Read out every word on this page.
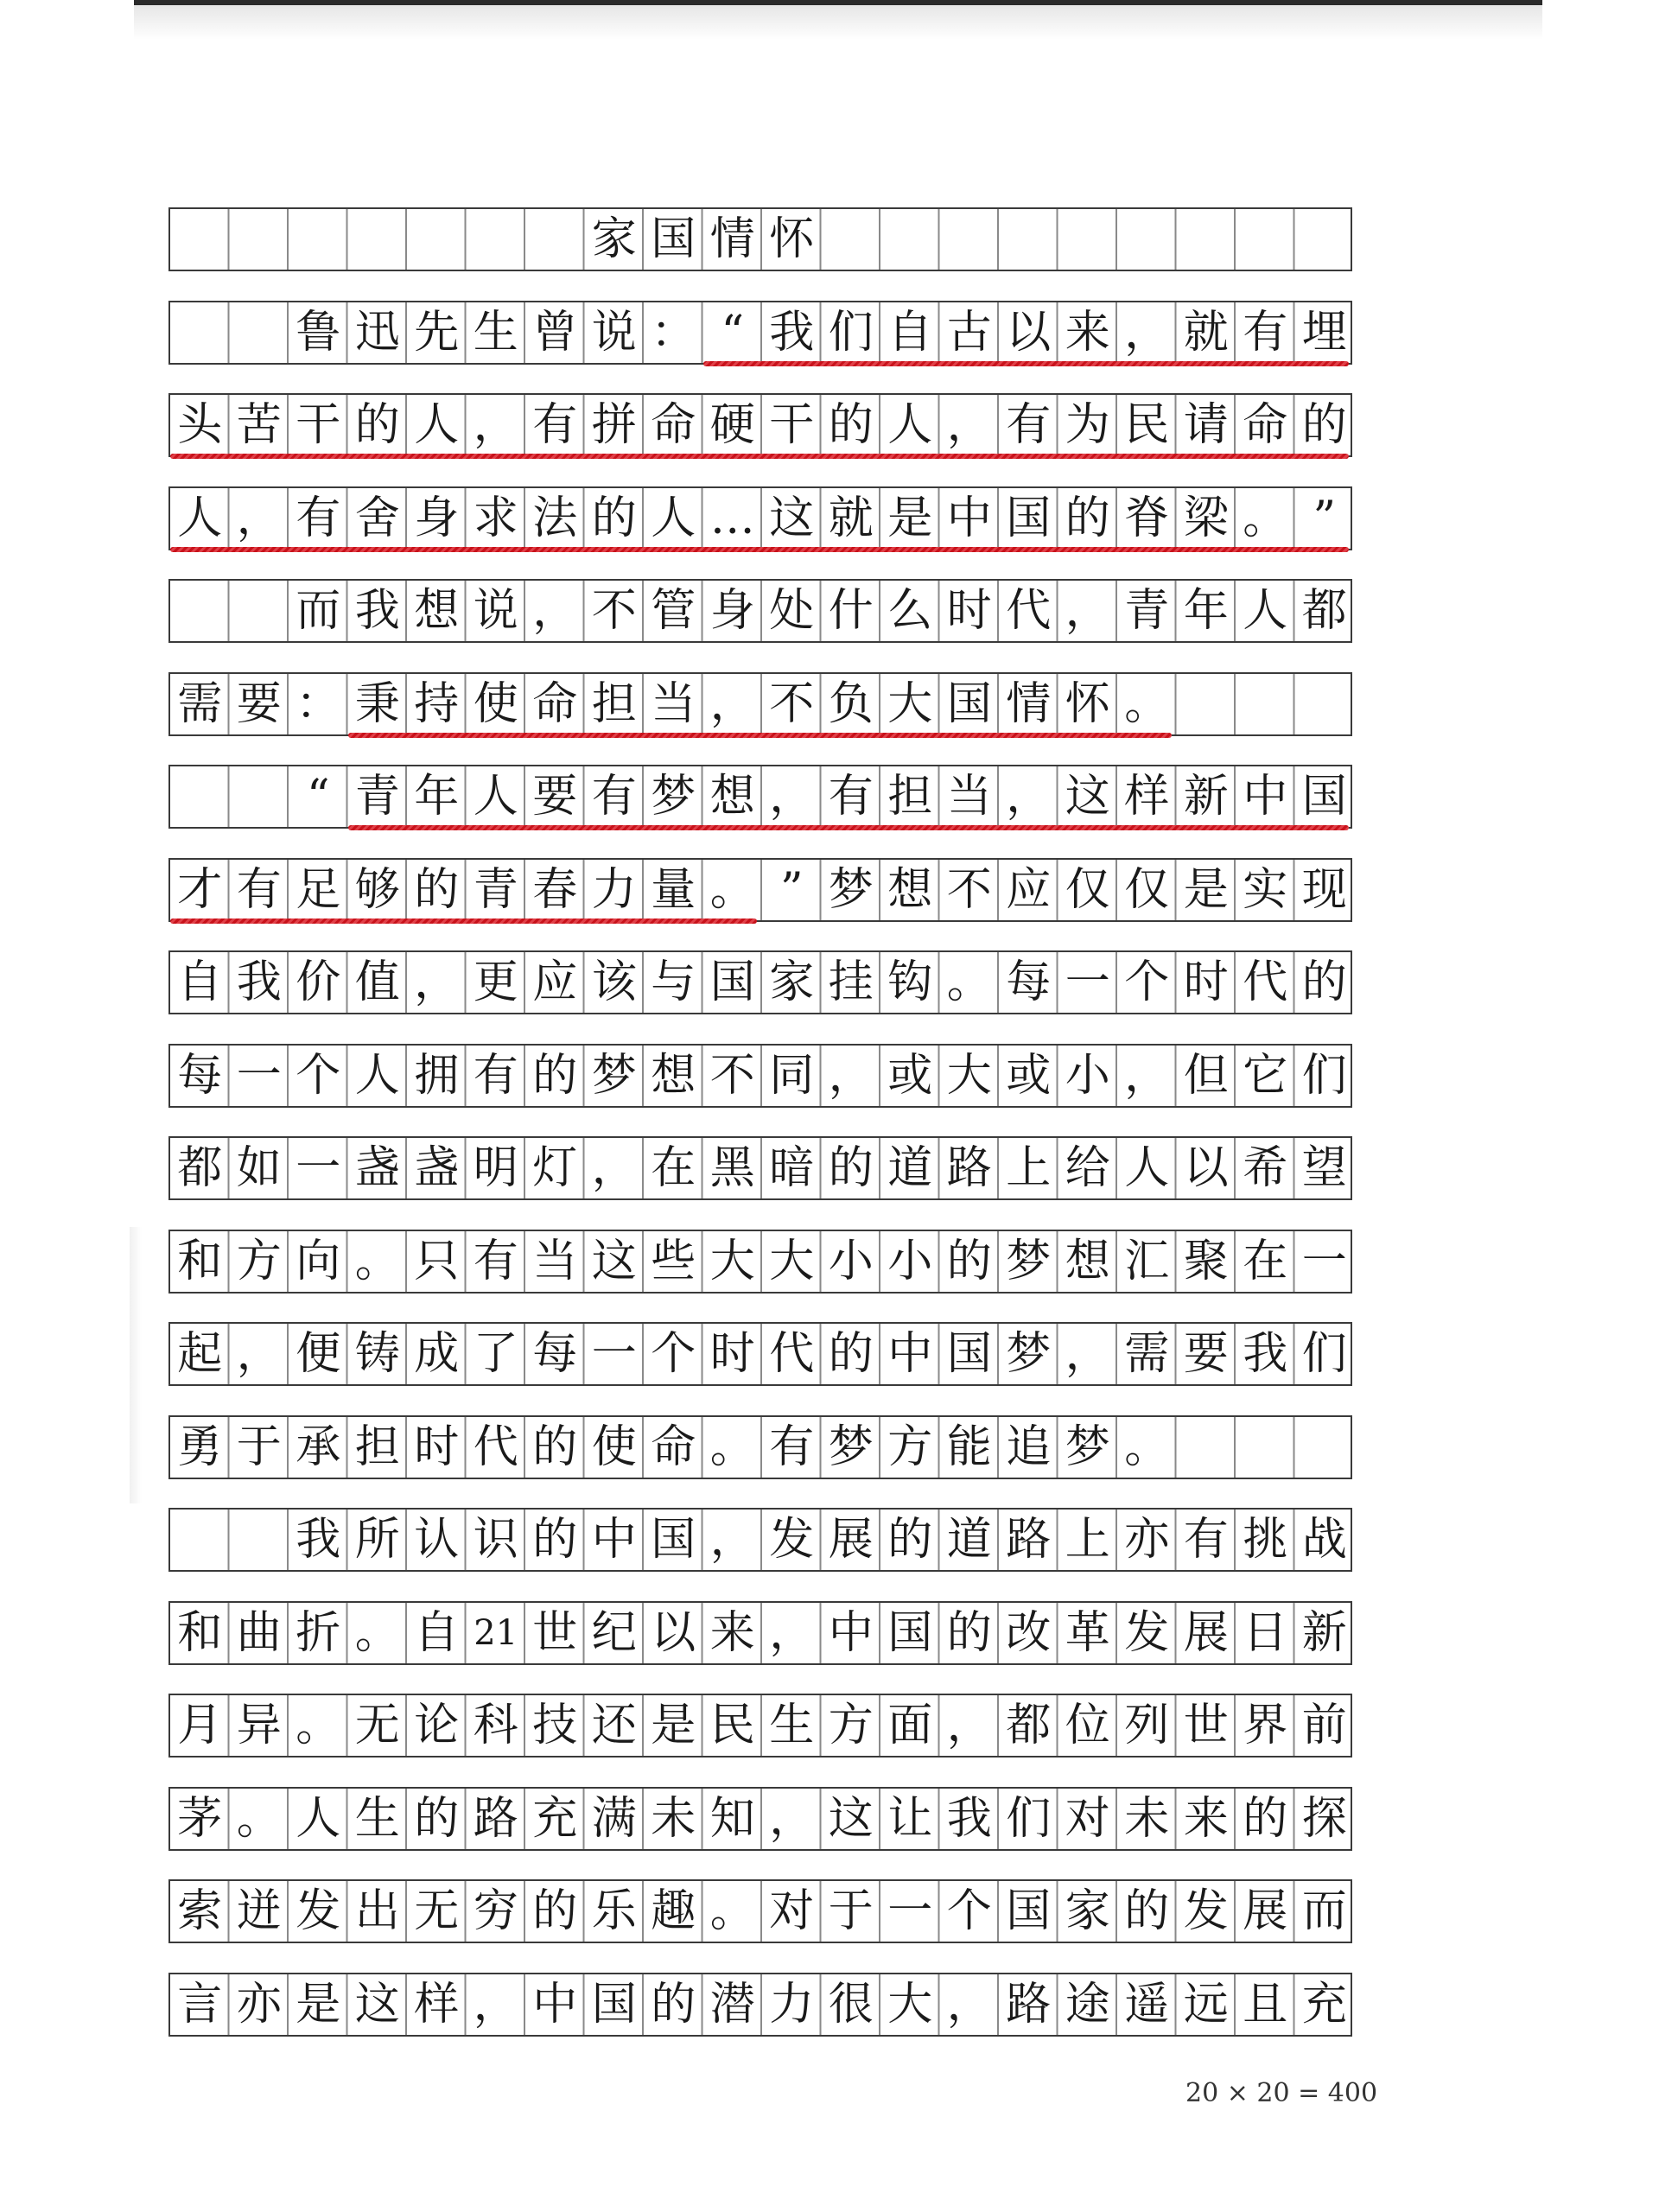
家 国 情 怀
鲁 迅 先 生 曾 说 ： “ 我 们 自 古 以 来 ， 就 有 埋
头 苦 干 的 人 ， 有 拼 命 硬 干 的 人 ， 有 为 民 请 命 的
人 ， 有 舍 身 求 法 的 人 … 这 就 是 中 国 的 脊 梁 。 ”
而 我 想 说 ， 不 管 身 处 什 么 时 代 ， 青 年 人 都
需 要 ： 秉 持 使 命 担 当 ， 不 负 大 国 情 怀 。
“ 青 年 人 要 有 梦 想 ， 有 担 当 ， 这 样 新 中 国
才 有 足 够 的 青 春 力 量 。 ” 梦 想 不 应 仅 仅 是 实 现
自 我 价 值 ， 更 应 该 与 国 家 挂 钩 。 每 一 个 时 代 的
每 一 个 人 拥 有 的 梦 想 不 同 ， 或 大 或 小 ， 但 它 们
都 如 一 盏 盏 明 灯 ， 在 黑 暗 的 道 路 上 给 人 以 希 望
和 方 向 。 只 有 当 这 些 大 大 小 小 的 梦 想 汇 聚 在 一
起 ， 便 铸 成 了 每 一 个 时 代 的 中 国 梦 ， 需 要 我 们
勇 于 承 担 时 代 的 使 命 。 有 梦 方 能 追 梦 。
我 所 认 识 的 中 国 ， 发 展 的 道 路 上 亦 有 挑 战
和 曲 折 。 自 21 世 纪 以 来 ， 中 国 的 改 革 发 展 日 新
月 异 。 无 论 科 技 还 是 民 生 方 面 ， 都 位 列 世 界 前
茅 。 人 生 的 路 充 满 未 知 ， 这 让 我 们 对 未 来 的 探
索 迸 发 出 无 穷 的 乐 趣 。 对 于 一 个 国 家 的 发 展 而
言 亦 是 这 样 ， 中 国 的 潜 力 很 大 ， 路 途 遥 远 且 充
20 × 20 = 400
